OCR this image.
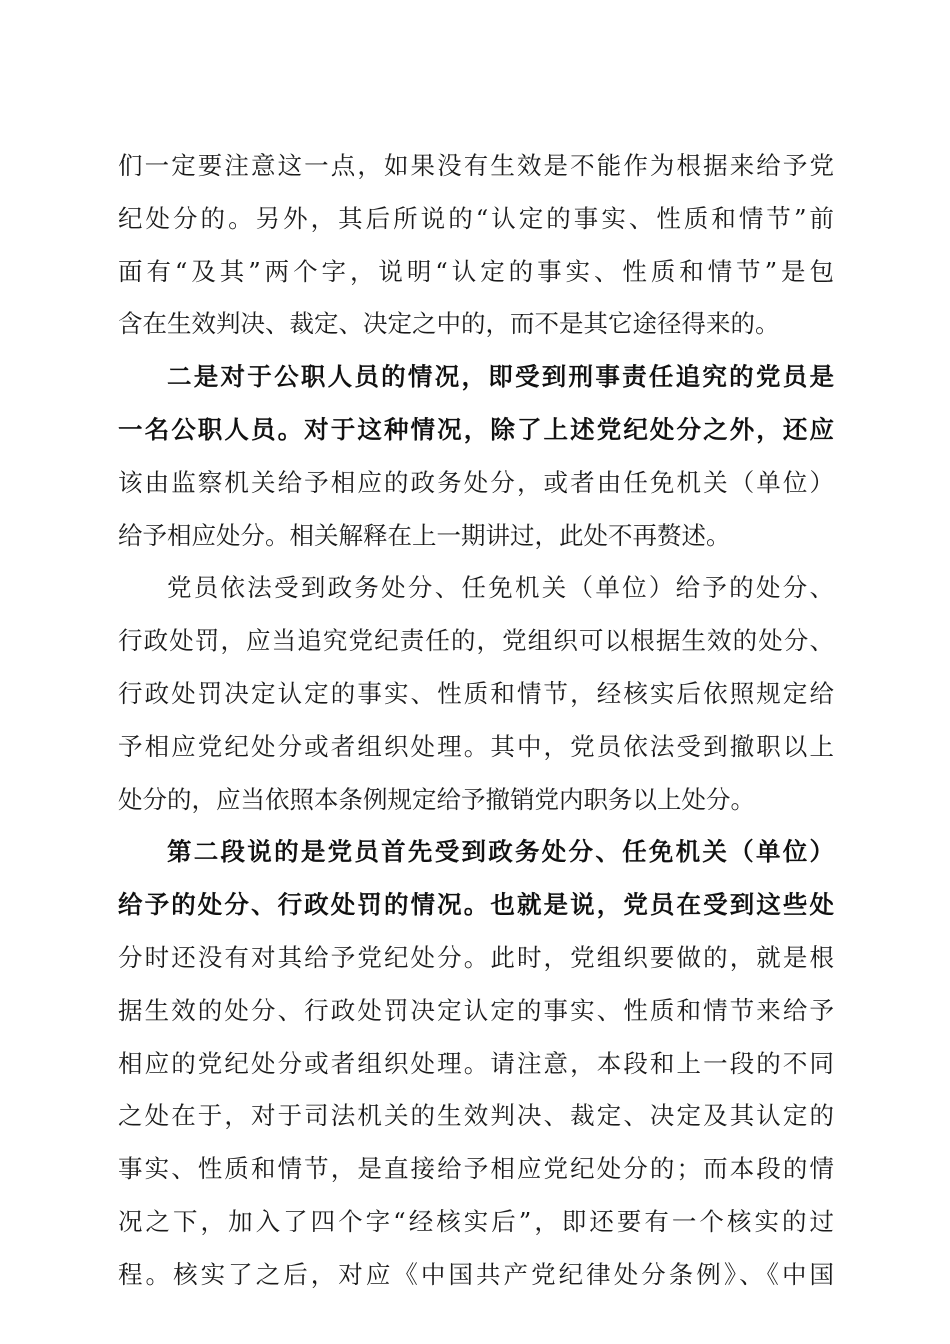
们一定要注意这一点，如果没有生效是不能作为根据来给予党
纪处分的。另外，其后所说的“认定的事实、性质和情节”前
面有“及其”两个字，说明“认定的事实、性质和情节”是包
含在生效判决、裁定、决定之中的，而不是其它途径得来的。
二是对于公职人员的情况，即受到刑事责任追究的党员是
一名公职人员。对于这种情况，除了上述党纪处分之外，还应
该由监察机关给予相应的政务处分，或者由任免机关（单位）
给予相应处分。相关解释在上一期讲过，此处不再赘述。
党员依法受到政务处分、任免机关（单位）给予的处分、
行政处罚，应当追究党纪责任的，党组织可以根据生效的处分、
行政处罚决定认定的事实、性质和情节，经核实后依照规定给
予相应党纪处分或者组织处理。其中，党员依法受到撤职以上
处分的，应当依照本条例规定给予撤销党内职务以上处分。
第二段说的是党员首先受到政务处分、任免机关（单位）
给予的处分、行政处罚的情况。也就是说，党员在受到这些处
分时还没有对其给予党纪处分。此时，党组织要做的，就是根
据生效的处分、行政处罚决定认定的事实、性质和情节来给予
相应的党纪处分或者组织处理。请注意，本段和上一段的不同
之处在于，对于司法机关的生效判决、裁定、决定及其认定的
事实、性质和情节，是直接给予相应党纪处分的；而本段的情
况之下，加入了四个字“经核实后”，即还要有一个核实的过
程。核实了之后，对应《中国共产党纪律处分条例》、《中国
